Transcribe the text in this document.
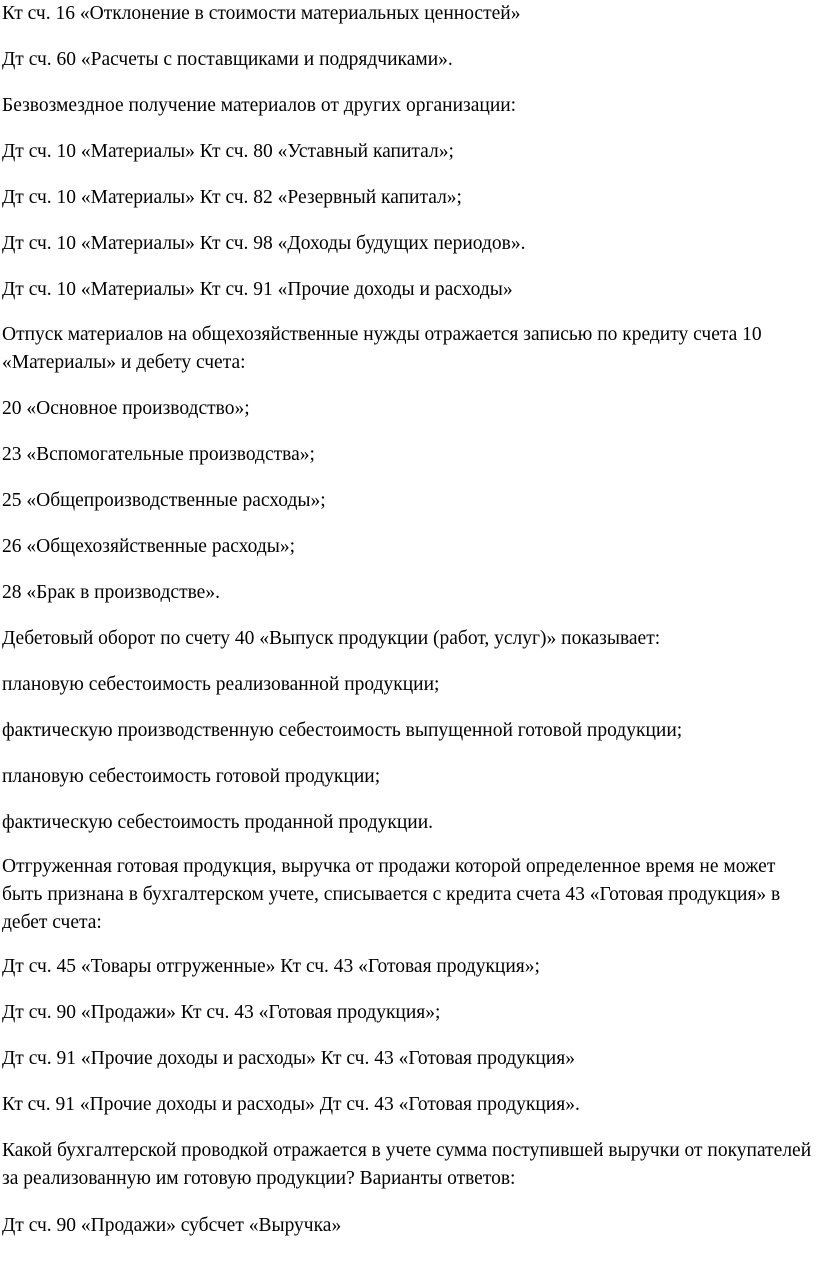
Кт сч. 16 «Отклонение в стоимости материальных ценностей»

Дт сч. 60 «Расчеты с поставщиками и подрядчиками».

Безвозмездное получение материалов от других организации:

Дт сч. 10 «Материалы» Кт сч. 80 «Уставный капитал»;

Дт сч. 10 «Материалы» Кт сч. 82 «Резервный капитал»;

Дт сч. 10 «Материалы» Кт сч. 98 «Доходы будущих периодов».

Дт сч. 10 «Материалы» Кт сч. 91 «Прочие доходы и расходы»

Отпуск материалов на общехозяйственные нужды отражается записью по кредиту счета 10 «Материалы» и дебету счета:

20 «Основное производство»;

23 «Вспомогательные производства»;

25 «Общепроизводственные расходы»;

26 «Общехозяйственные расходы»;

28 «Брак в производстве».

Дебетовый оборот по счету 40 «Выпуск продукции (работ, услуг)» показывает:

плановую себестоимость реализованной продукции;

фактическую производственную себестоимость выпущенной готовой продукции;

плановую себестоимость готовой продукции;

фактическую себестоимость проданной продукции.

Отгруженная готовая продукция, выручка от продажи которой определенное время не может быть признана в бухгалтерском учете, списывается с кредита счета 43 «Готовая продукция» в дебет счета:

Дт сч. 45 «Товары отгруженные» Кт сч. 43 «Готовая продукция»;

Дт сч. 90 «Продажи» Кт сч. 43 «Готовая продукция»;

Дт сч. 91 «Прочие доходы и расходы» Кт сч. 43 «Готовая продукция»

Кт сч. 91 «Прочие доходы и расходы» Дт сч. 43 «Готовая продукция».

Какой бухгалтерской проводкой отражается в учете сумма поступившей выручки от покупателей за реализованную им готовую продукции? Варианты ответов:

Дт сч. 90 «Продажи» субсчет «Выручка»
